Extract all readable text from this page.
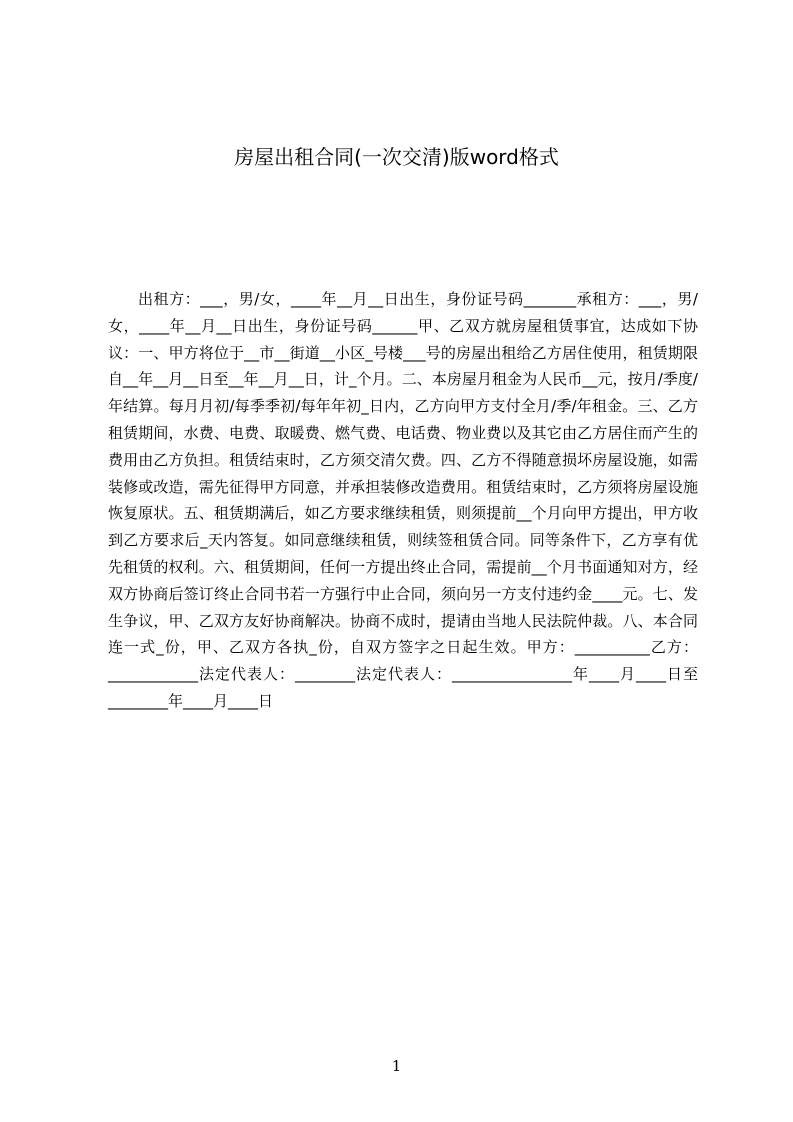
房屋出租合同(一次交清)版word格式

出租方：___，男/女，____年__月__日出生，身份证号码_______承租方：___，男/女，____年__月__日出生，身份证号码______甲、乙双方就房屋租赁事宜，达成如下协议：一、甲方将位于__市__街道__小区_号楼___号的房屋出租给乙方居住使用，租赁期限自__年__月__日至__年__月__日，计_个月。二、本房屋月租金为人民币__元，按月/季度/年结算。每月月初/每季季初/每年年初_日内，乙方向甲方支付全月/季/年租金。三、乙方租赁期间，水费、电费、取暖费、燃气费、电话费、物业费以及其它由乙方居住而产生的费用由乙方负担。租赁结束时，乙方须交清欠费。四、乙方不得随意损坏房屋设施，如需装修或改造，需先征得甲方同意，并承担装修改造费用。租赁结束时，乙方须将房屋设施恢复原状。五、租赁期满后，如乙方要求继续租赁，则须提前__个月向甲方提出，甲方收到乙方要求后_天内答复。如同意继续租赁，则续签租赁合同。同等条件下，乙方享有优先租赁的权利。六、租赁期间，任何一方提出终止合同，需提前__个月书面通知对方，经双方协商后签订终止合同书若一方强行中止合同，须向另一方支付违约金____元。七、发生争议，甲、乙双方友好协商解决。协商不成时，提请由当地人民法院仲裁。八、本合同连一式_份，甲、乙双方各执_份，自双方签字之日起生效。甲方：__________乙方：____________法定代表人：________法定代表人：________________年____月____日至________年____月____日

1
